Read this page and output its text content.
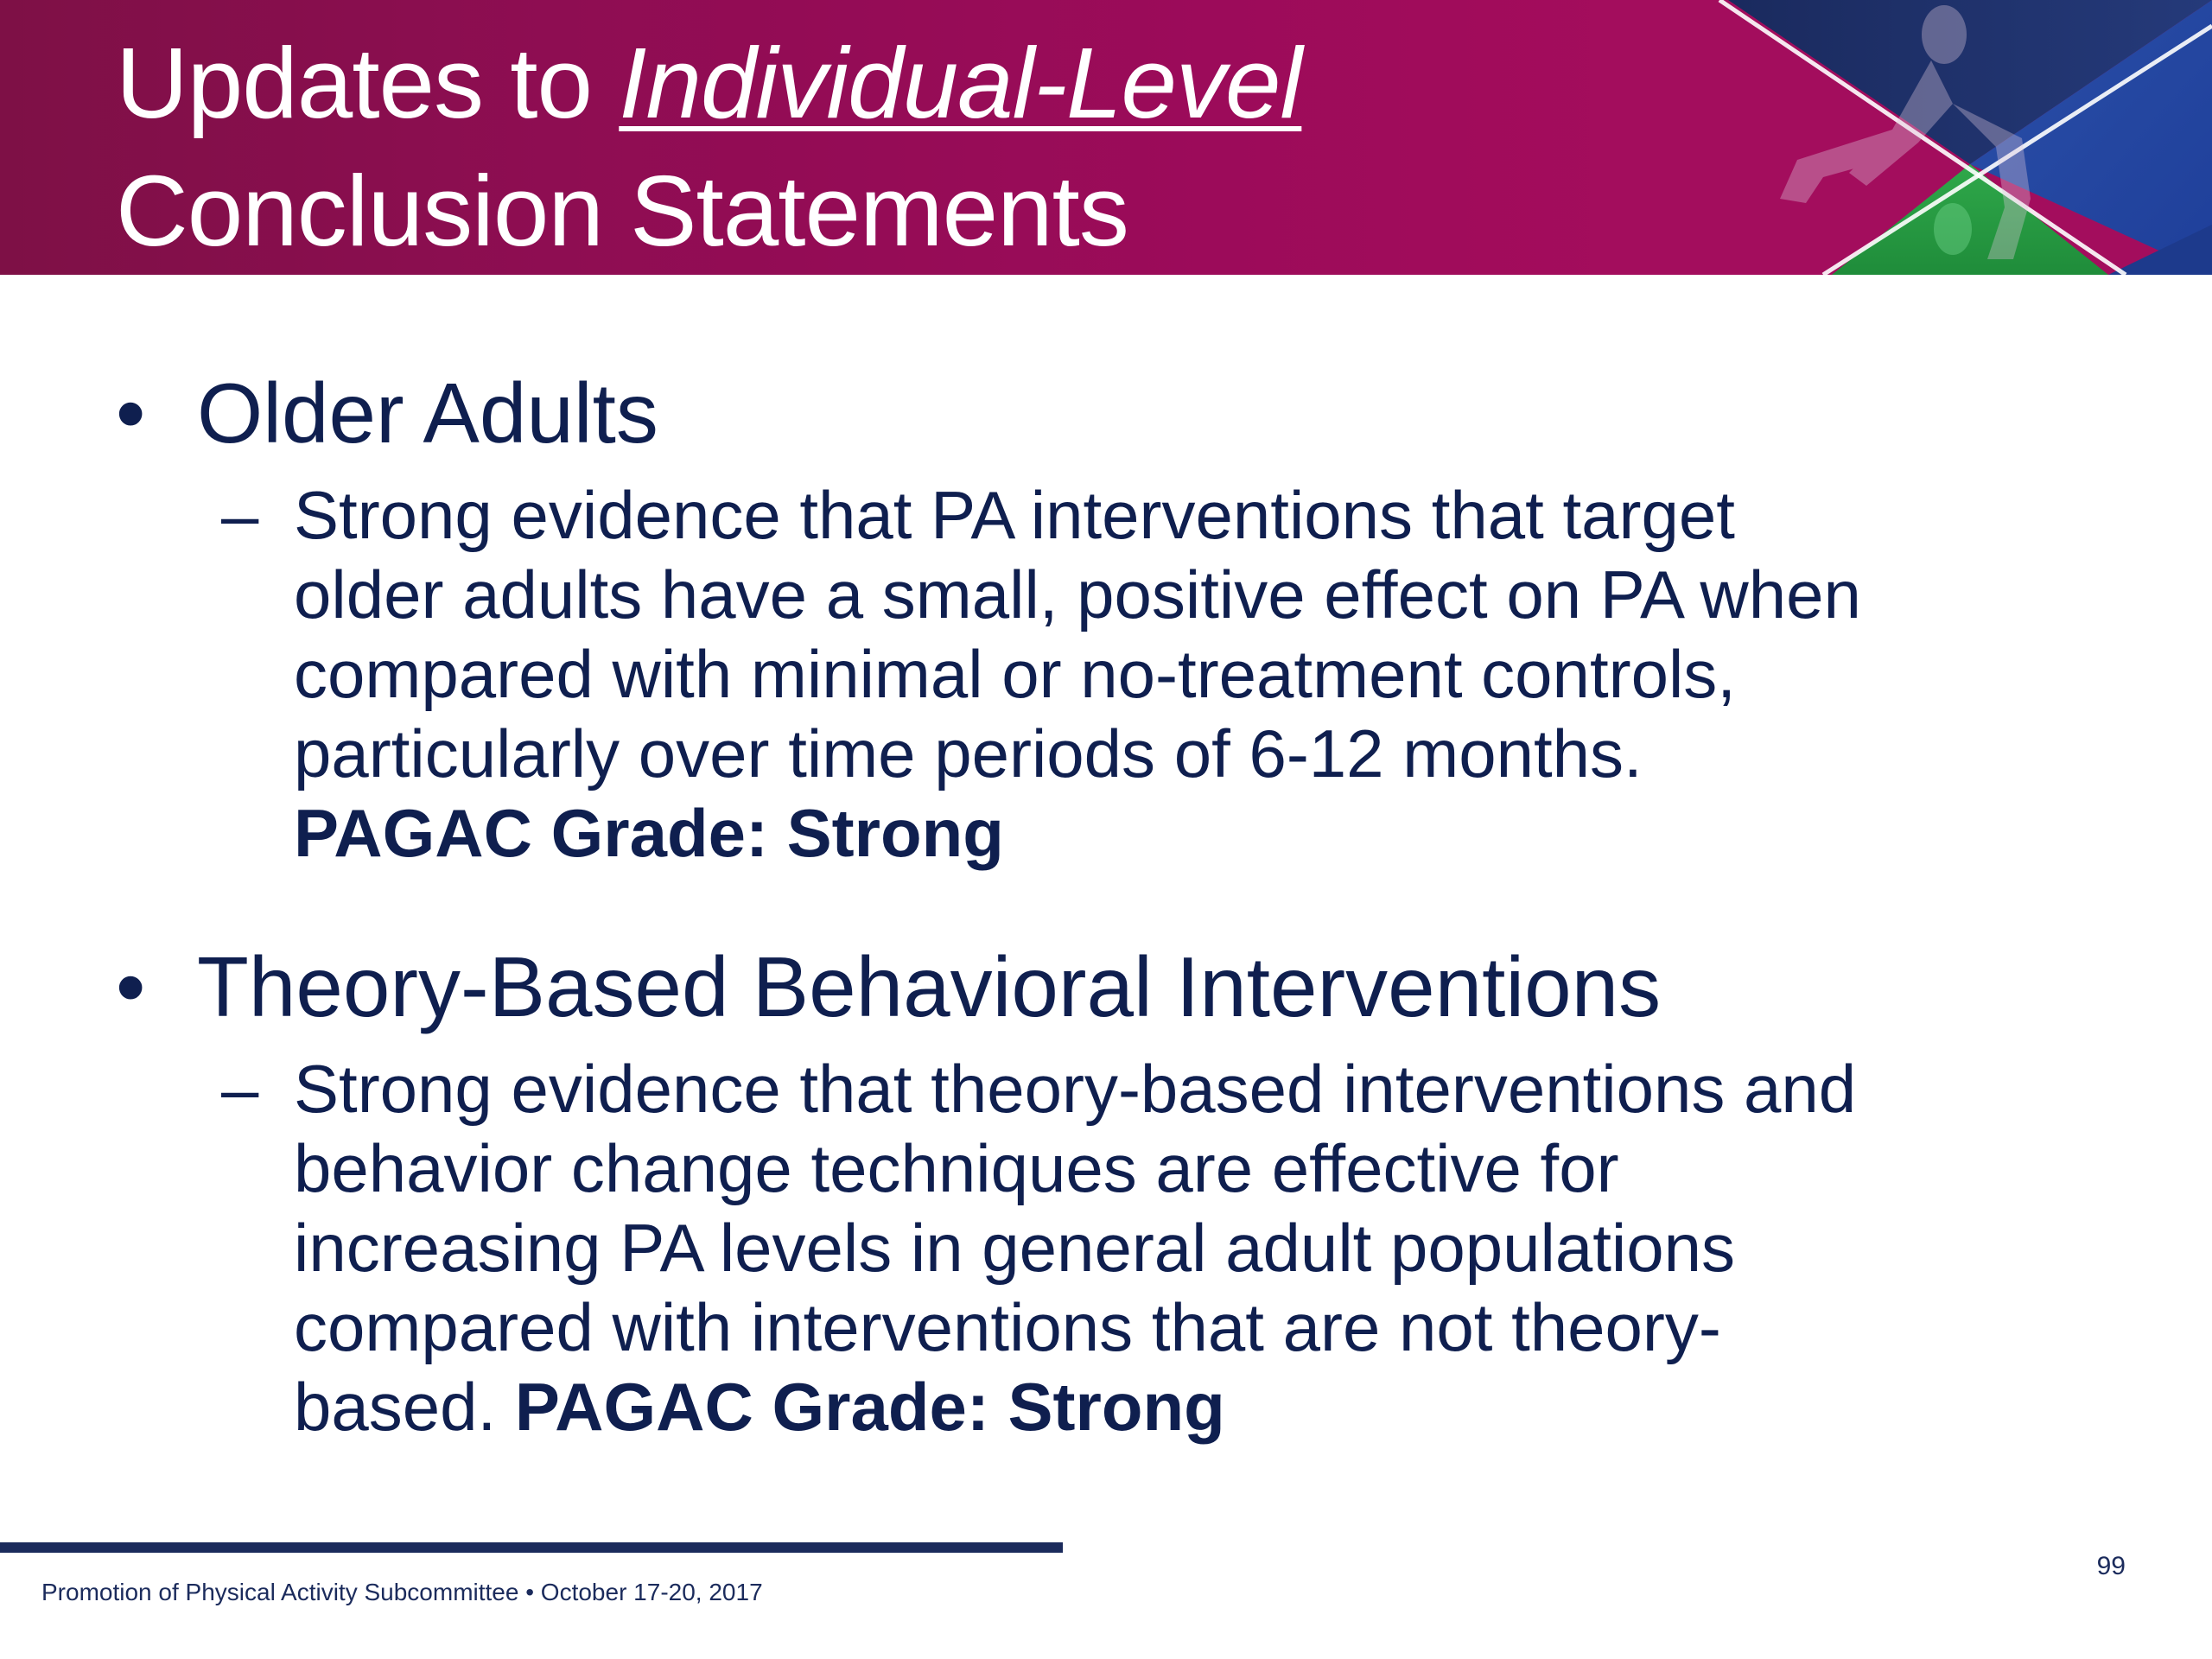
Updates to Individual-Level
Conclusion Statements
• Older Adults
– Strong evidence that PA interventions that target
older adults have a small, positive effect on PA when
compared with minimal or no-treatment controls,
particularly over time periods of 6-12 months.
PAGAC Grade: Strong
• Theory-Based Behavioral Interventions
– Strong evidence that theory-based interventions and
behavior change techniques are effective for
increasing PA levels in general adult populations
compared with interventions that are not theory-
based. PAGAC Grade: Strong
Promotion of Physical Activity Subcommittee • October 17-20, 2017
99
